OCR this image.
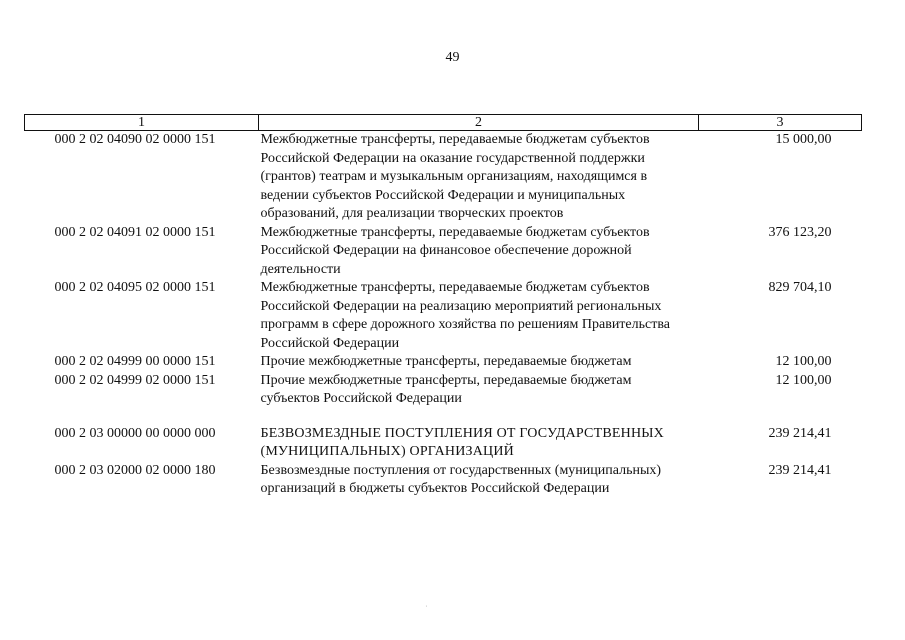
49
1	2	3
000 2 02 04090 02 0000 151	Межбюджетные трансферты, передаваемые бюджетам субъектов Российской Федерации на оказание государственной поддержки (грантов) театрам и музыкальным организациям, находящимся в ведении субъектов Российской Федерации и муниципальных образований, для реализации творческих проектов	15 000,00
000 2 02 04091 02 0000 151	Межбюджетные трансферты, передаваемые бюджетам субъектов Российской Федерации на финансовое обеспечение дорожной деятельности	376 123,20
000 2 02 04095 02 0000 151	Межбюджетные трансферты, передаваемые бюджетам субъектов Российской Федерации на реализацию мероприятий региональных программ в сфере дорожного хозяйства по решениям Правительства Российской Федерации	829 704,10
000 2 02 04999 00 0000 151	Прочие межбюджетные трансферты, передаваемые бюджетам	12 100,00
000 2 02 04999 02 0000 151	Прочие межбюджетные трансферты, передаваемые бюджетам субъектов Российской Федерации	12 100,00

000 2 03 00000 00 0000 000	БЕЗВОЗМЕЗДНЫЕ ПОСТУПЛЕНИЯ ОТ ГОСУДАРСТВЕННЫХ (МУНИЦИПАЛЬНЫХ) ОРГАНИЗАЦИЙ	239 214,41
000 2 03 02000 02 0000 180	Безвозмездные поступления от государственных (муниципальных) организаций в бюджеты субъектов Российской Федерации	239 214,41
˙
